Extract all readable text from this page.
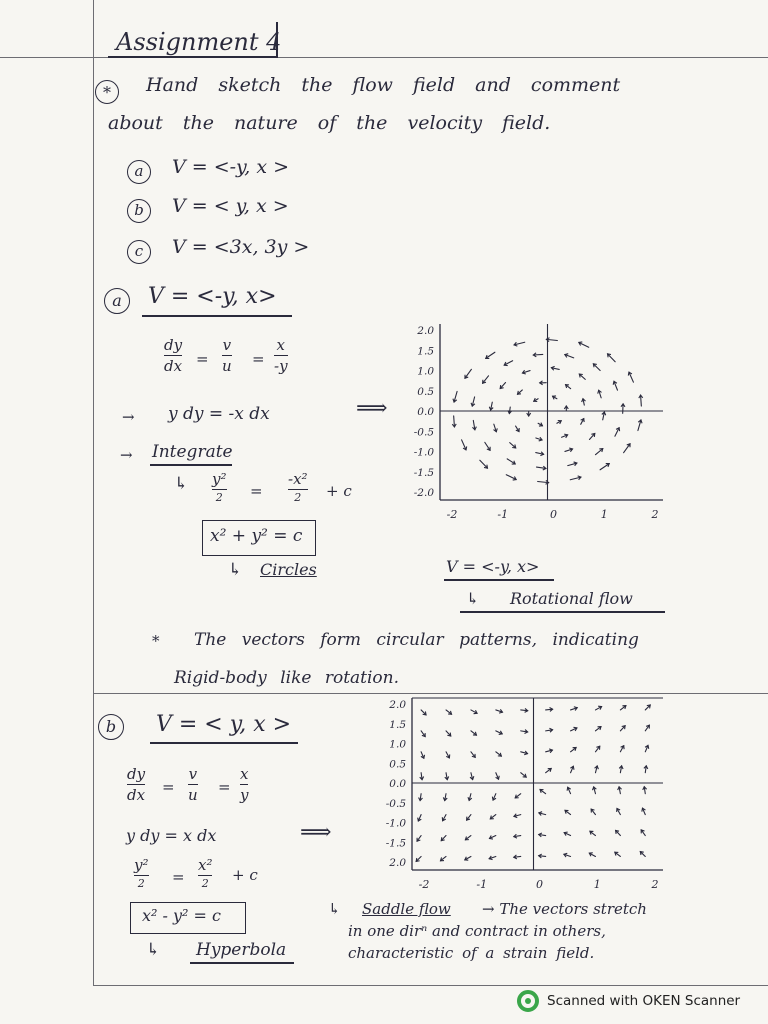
Assignment 4
*	Hand sketch the flow field and comment
about the nature of the velocity field.
a	V = <-y, x >
b	V = < y, x >
c	V = <3x, 3y >
a	V = <-y, x>
dy
dx =
v
u =
x
-y
→ y dy = -x dx
→ Integrate
↳ y²
2 =
-x²
2	+ c
x² + y² = c
↳ Circles
⟹
2.0
1.5
1.0
0.5
0.0
-0.5
-1.0
-1.5
-2.0
-2	-1	0	1	2
V = <-y, x>
↳ Rotational flow
* The vectors form circular patterns, indicating
Rigid-body like rotation.
b	V = < y, x >
dy
dx =
v
u =
x
y
y dy = x dx	⟹
y²
2 =
x²
2 + c
x² - y² = c
↳ Hyperbola
2.0
1.5
1.0
0.5
0.0
-0.5
-1.0
-1.5
2.0
-2	-1	0	1	2
↳ Saddle flow → The vectors stretch
in one dirⁿ and contract in others,
characteristic of a strain field.
Scanned with OKEN Scanner
